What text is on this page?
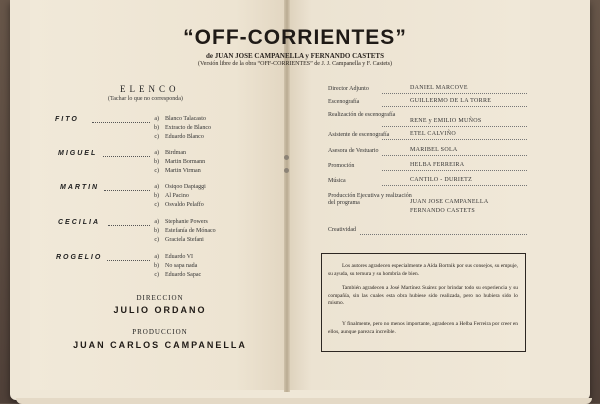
“OFF-CORRIENTES”
de JUAN JOSE CAMPANELLA y FERNANDO CASTETS
(Versión libre de la obra “OFF-CORRIENTES” de J. J. Campanella y F. Castets)
ELENCO
(Tachar lo que no corresponda)
FITO	a) Blanco Talacasto
b) Extracto de Blanco
c) Eduardo Blanco
MIGUEL	a) Birdman
b) Martin Bormann
c) Martin Virman
MARTIN	a) Osiqoo Dapiaggi
b) Al Pacino
c) Osvaldo Pelaffo
CECILIA	a) Stephanie Powers
b) Estefanía de Mónaco
c) Graciela Stefani
ROGELIO	a) Eduardo VI
b) No sapa nada
c) Eduardo Sapac
DIRECCION
JULIO ORDANO
PRODUCCION
JUAN CARLOS CAMPANELLA
Director Adjunto	DANIEL MARCOVE
Escenografía	GUILLERMO DE LA TORRE
Realización de escenografía
RENE y EMILIO MUÑOS
Asistente de escenografía	ETEL CALVIÑO
Asesora de Vestuario	MARIBEL SOLA
Promoción	HELBA FERREIRA
Música	CANTILO - DURIETZ
Producción Ejecutiva y realización del programa	JUAN JOSE CAMPANELLA
FERNANDO CASTETS
Creatividad
Los autores agradecen especialmente a Aída Bortnik por sus consejos, su empuje, su ayuda, su ternura y su hombría de bien.
También agradecen a José Martínez Suárez por brindar todo su experiencia y su compañía, sin las cuales esta obra hubiese sido realizada, pero no hubiera sido lo mismo.
Y finalmente, pero no menos importante, agradecen a Helba Ferreira por creer en ellos, aunque parezca increíble.
